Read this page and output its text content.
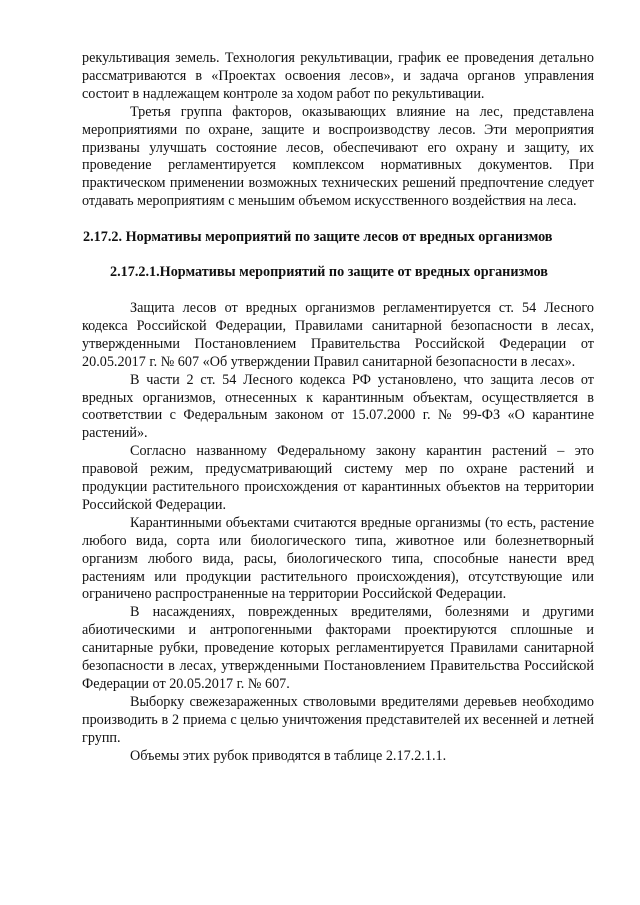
рекультивация земель. Технология рекультивации, график ее проведения детально рассматриваются в «Проектах освоения лесов», и задача органов управления состоит в надлежащем контроле за ходом работ по рекультивации.

Третья группа факторов, оказывающих влияние на лес, представлена мероприятиями по охране, защите и воспроизводству лесов. Эти мероприятия призваны улучшать состояние лесов, обеспечивают его охрану и защиту, их проведение регламентируется комплексом нормативных документов. При практическом применении возможных технических решений предпочтение следует отдавать мероприятиям с меньшим объемом искусственного воздействия на леса.

2.17.2. Нормативы мероприятий по защите лесов от вредных организмов

2.17.2.1.Нормативы мероприятий по защите от вредных организмов

Защита лесов от вредных организмов регламентируется ст. 54 Лесного кодекса Российской Федерации, Правилами санитарной безопасности в лесах, утвержденными Постановлением Правительства Российской Федерации от 20.05.2017 г. № 607 «Об утверждении Правил санитарной безопасности в лесах».

В части 2 ст. 54 Лесного кодекса РФ установлено, что защита лесов от вредных организмов, отнесенных к карантинным объектам, осуществляется в соответствии с Федеральным законом от 15.07.2000 г. № 99-ФЗ «О карантине растений».

Согласно названному Федеральному закону карантин растений – это правовой режим, предусматривающий систему мер по охране растений и продукции растительного происхождения от карантинных объектов на территории Российской Федерации.

Карантинными объектами считаются вредные организмы (то есть, растение любого вида, сорта или биологического типа, животное или болезнетворный организм любого вида, расы, биологического типа, способные нанести вред растениям или продукции растительного происхождения), отсутствующие или ограничено распространенные на территории Российской Федерации.

В насаждениях, поврежденных вредителями, болезнями и другими абиотическими и антропогенными факторами проектируются сплошные и санитарные рубки, проведение которых регламентируется Правилами санитарной безопасности в лесах, утвержденными Постановлением Правительства Российской Федерации от 20.05.2017 г. № 607.

Выборку свежезараженных стволовыми вредителями деревьев необходимо производить в 2 приема с целью уничтожения представителей их весенней и летней групп.

Объемы этих рубок приводятся в таблице 2.17.2.1.1.
